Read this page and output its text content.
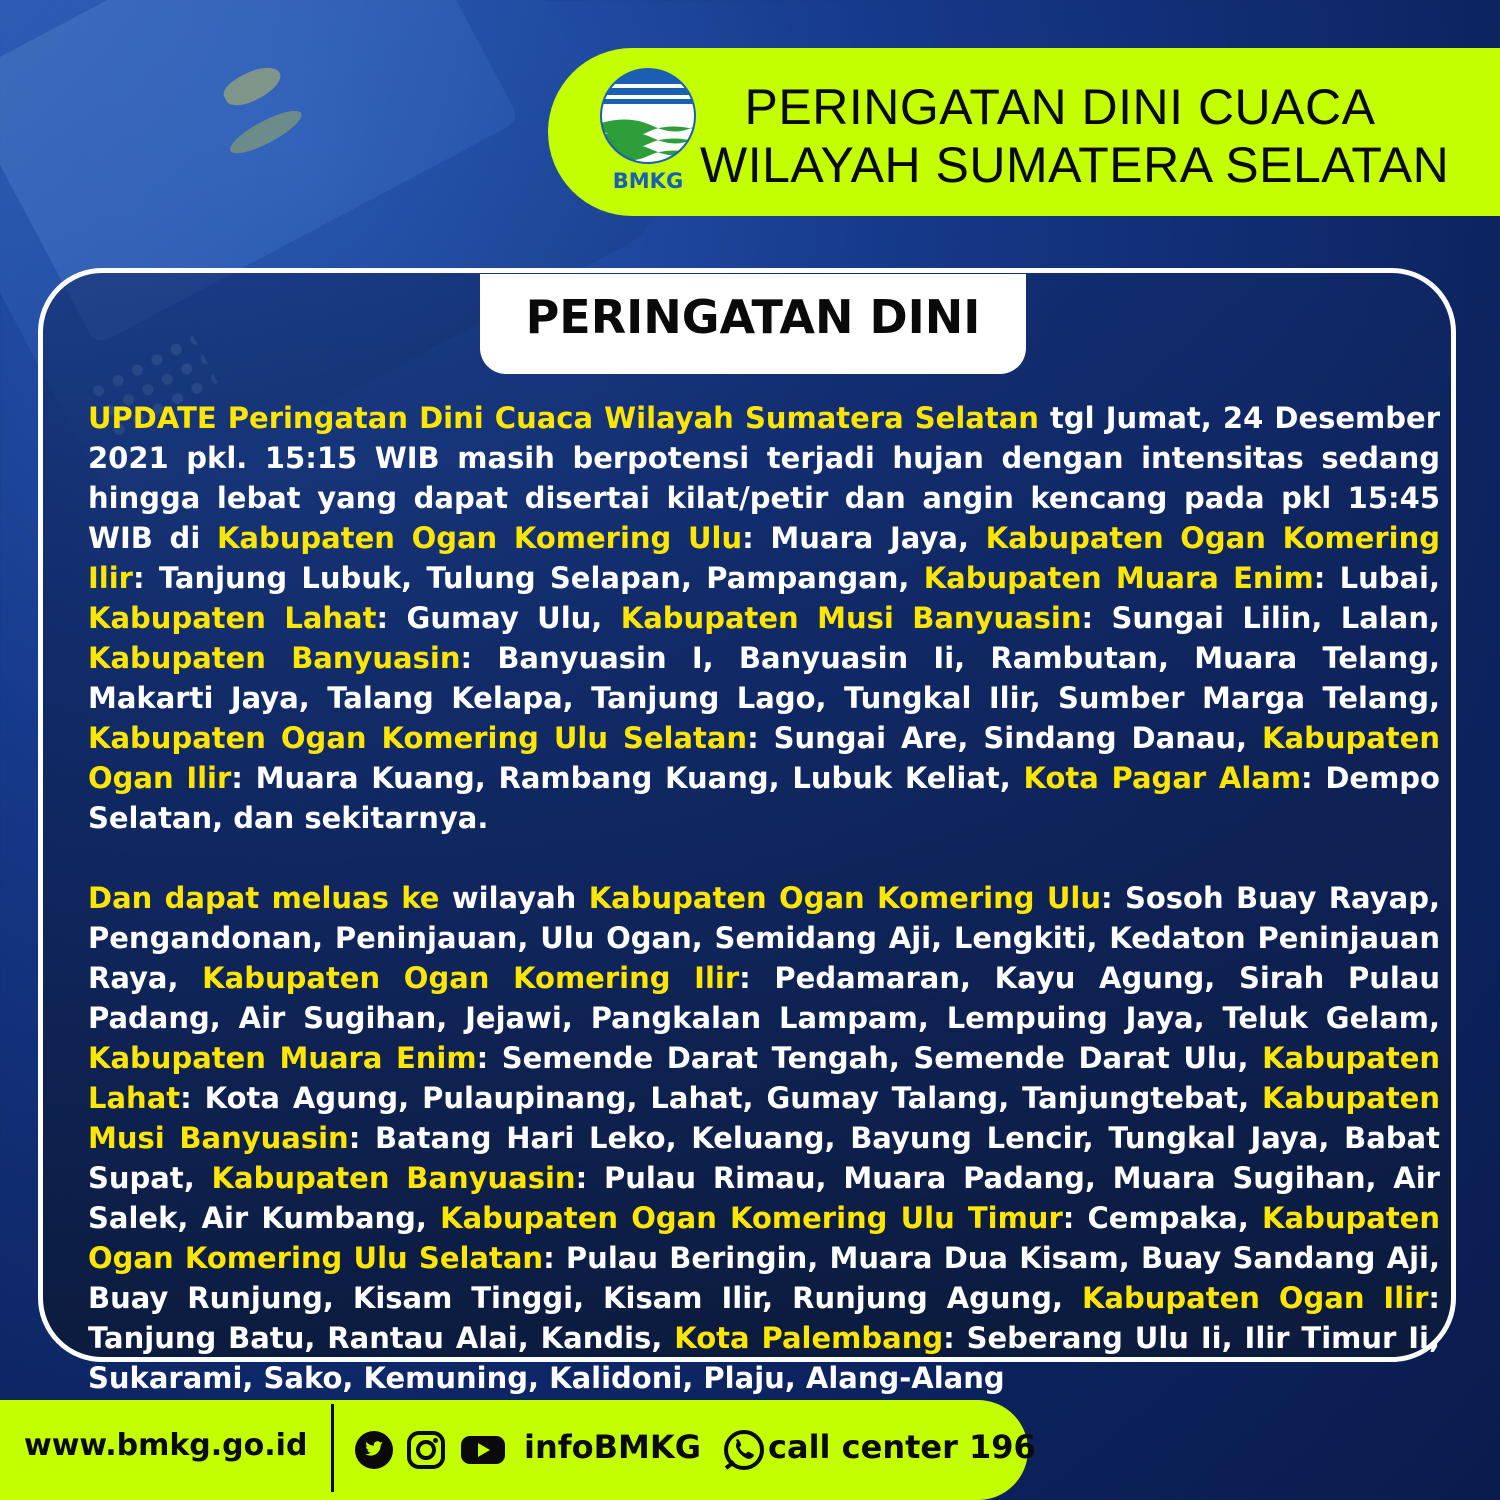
BMKG
PERINGATAN DINI CUACA
WILAYAH SUMATERA SELATAN
PERINGATAN DINI

UPDATE Peringatan Dini Cuaca Wilayah Sumatera Selatan tgl Jumat, 24 Desember 2021 pkl. 15:15 WIB masih berpotensi terjadi hujan dengan intensitas sedang hingga lebat yang dapat disertai kilat/petir dan angin kencang pada pkl 15:45 WIB di Kabupaten Ogan Komering Ulu: Muara Jaya, Kabupaten Ogan Komering Ilir: Tanjung Lubuk, Tulung Selapan, Pampangan, Kabupaten Muara Enim: Lubai, Kabupaten Lahat: Gumay Ulu, Kabupaten Musi Banyuasin: Sungai Lilin, Lalan, Kabupaten Banyuasin: Banyuasin I, Banyuasin Ii, Rambutan, Muara Telang, Makarti Jaya, Talang Kelapa, Tanjung Lago, Tungkal Ilir, Sumber Marga Telang, Kabupaten Ogan Komering Ulu Selatan: Sungai Are, Sindang Danau, Kabupaten Ogan Ilir: Muara Kuang, Rambang Kuang, Lubuk Keliat, Kota Pagar Alam: Dempo Selatan, dan sekitarnya.

Dan dapat meluas ke wilayah Kabupaten Ogan Komering Ulu: Sosoh Buay Rayap, Pengandonan, Peninjauan, Ulu Ogan, Semidang Aji, Lengkiti, Kedaton Peninjauan Raya, Kabupaten Ogan Komering Ilir: Pedamaran, Kayu Agung, Sirah Pulau Padang, Air Sugihan, Jejawi, Pangkalan Lampam, Lempuing Jaya, Teluk Gelam, Kabupaten Muara Enim: Semende Darat Tengah, Semende Darat Ulu, Kabupaten Lahat: Kota Agung, Pulaupinang, Lahat, Gumay Talang, Tanjungtebat, Kabupaten Musi Banyuasin: Batang Hari Leko, Keluang, Bayung Lencir, Tungkal Jaya, Babat Supat, Kabupaten Banyuasin: Pulau Rimau, Muara Padang, Muara Sugihan, Air Salek, Air Kumbang, Kabupaten Ogan Komering Ulu Timur: Cempaka, Kabupaten Ogan Komering Ulu Selatan: Pulau Beringin, Muara Dua Kisam, Buay Sandang Aji, Buay Runjung, Kisam Tinggi, Kisam Ilir, Runjung Agung, Kabupaten Ogan Ilir: Tanjung Batu, Rantau Alai, Kandis, Kota Palembang: Seberang Ulu Ii, Ilir Timur Ii, Sukarami, Sako, Kemuning, Kalidoni, Plaju, Alang-Alang

www.bmkg.go.id	infoBMKG call center 196
